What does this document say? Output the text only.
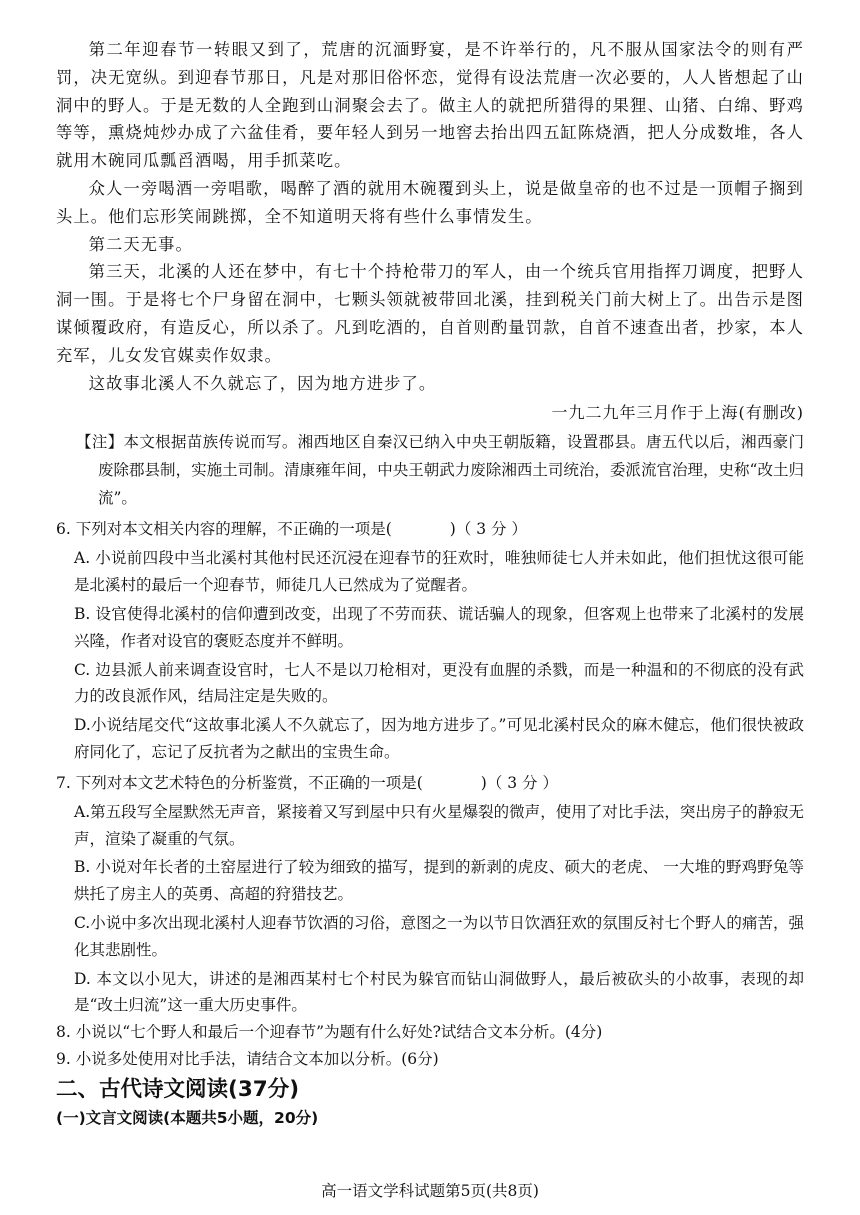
第二年迎春节一转眼又到了，荒唐的沉湎野宴，是不许举行的，凡不服从国家法令的则有严罚，决无宽纵。到迎春节那日，凡是对那旧俗怀恋，觉得有设法荒唐一次必要的，人人皆想起了山洞中的野人。于是无数的人全跑到山洞聚会去了。做主人的就把所猎得的果狸、山猪、白绵、野鸡等等，熏烧炖炒办成了六盆佳肴，要年轻人到另一地窖去抬出四五缸陈烧酒，把人分成数堆，各人就用木碗同瓜瓢舀酒喝，用手抓菜吃。

众人一旁喝酒一旁唱歌，喝醉了酒的就用木碗覆到头上，说是做皇帝的也不过是一顶帽子搁到头上。他们忘形笑闹跳掷，全不知道明天将有些什么事情发生。

第二天无事。

第三天，北溪的人还在梦中，有七十个持枪带刀的军人，由一个统兵官用指挥刀调度，把野人洞一围。于是将七个尸身留在洞中，七颗头领就被带回北溪，挂到税关门前大树上了。出告示是图谋倾覆政府，有造反心，所以杀了。凡到吃酒的，自首则酌量罚款，自首不速查出者，抄家，本人充军，儿女发官媒卖作奴隶。

这故事北溪人不久就忘了，因为地方进步了。

一九二九年三月作于上海(有删改)

【注】本文根据苗族传说而写。湘西地区自秦汉已纳入中央王朝版籍，设置郡县。唐五代以后，湘西豪门废除郡县制，实施土司制。清康雍年间，中央王朝武力废除湘西土司统治，委派流官治理，史称“改土归流”。

6. 下列对本文相关内容的理解，不正确的一项是(	)（ 3 分 ）

A. 小说前四段中当北溪村其他村民还沉浸在迎春节的狂欢时，唯独师徒七人并未如此，他们担忧这很可能是北溪村的最后一个迎春节，师徒几人已然成为了觉醒者。

B. 设官使得北溪村的信仰遭到改变，出现了不劳而获、谎话骗人的现象，但客观上也带来了北溪村的发展兴隆，作者对设官的褒贬态度并不鲜明。

C. 边县派人前来调查设官时，七人不是以刀枪相对，更没有血腥的杀戮，而是一种温和的不彻底的没有武力的改良派作风，结局注定是失败的。

D.小说结尾交代“这故事北溪人不久就忘了，因为地方进步了。”可见北溪村民众的麻木健忘，他们很快被政府同化了，忘记了反抗者为之献出的宝贵生命。

7. 下列对本文艺术特色的分析鉴赏，不正确的一项是(	)（ 3 分 ）

A.第五段写全屋默然无声音，紧接着又写到屋中只有火星爆裂的微声，使用了对比手法，突出房子的静寂无声，渲染了凝重的气氛。

B. 小说对年长者的土窑屋进行了较为细致的描写，提到的新剥的虎皮、硕大的老虎、 一大堆的野鸡野兔等烘托了房主人的英勇、高超的狩猎技艺。

C.小说中多次出现北溪村人迎春节饮酒的习俗，意图之一为以节日饮酒狂欢的氛围反衬七个野人的痛苦，强化其悲剧性。

D. 本文以小见大，讲述的是湘西某村七个村民为躲官而钻山洞做野人，最后被砍头的小故事，表现的却是“改土归流”这一重大历史事件。

8. 小说以“七个野人和最后一个迎春节”为题有什么好处?试结合文本分析。(4分)

9. 小说多处使用对比手法，请结合文本加以分析。(6分)

二、古代诗文阅读(37分)

(一)文言文阅读(本题共5小题，20分)

高一语文学科试题第5页(共8页)
